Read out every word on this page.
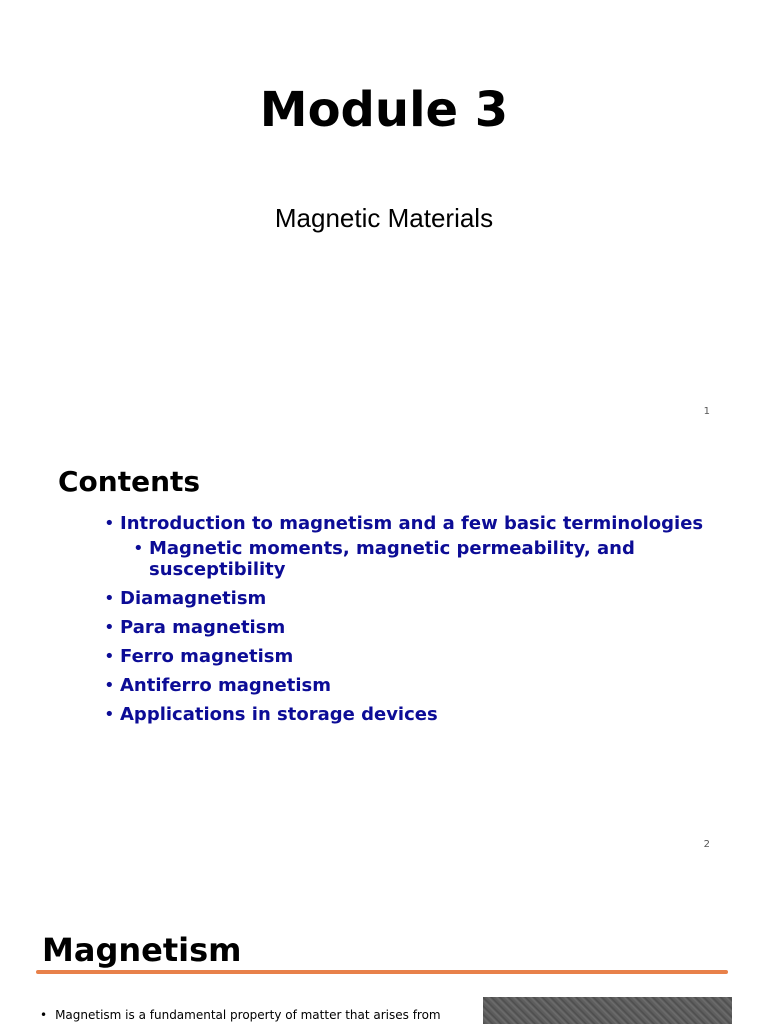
Module 3
Magnetic Materials
1
Contents
• Introduction to magnetism and a few basic terminologies
• Magnetic moments, magnetic permeability, and susceptibility
• Diamagnetism
• Para magnetism
• Ferro magnetism
• Antiferro magnetism
• Applications in storage devices
2
Magnetism
• Magnetism is a fundamental property of matter that arises from
